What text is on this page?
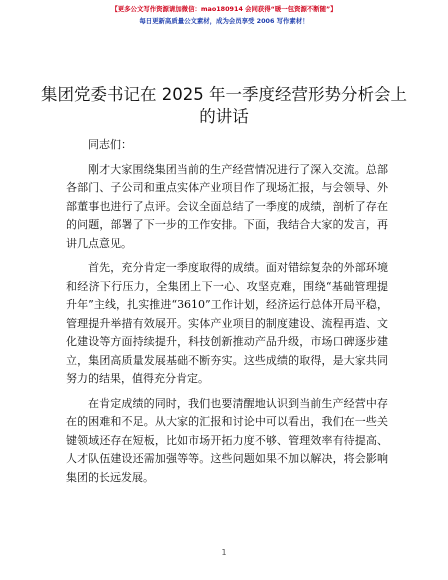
【更多公文写作资源请加微信：mao180914 会同获得“暖一包资源不断随”】
每日更新高质量公文素材，成为会员享受 2006 写作素材！
集团党委书记在 2025 年一季度经营形势分析会上的讲话

同志们：

刚才大家围绕集团当前的生产经营情况进行了深入交流。总部各部门、子公司和重点实体产业项目作了现场汇报，与会领导、外部董事也进行了点评。会议全面总结了一季度的成绩，剖析了存在的问题，部署了下一步的工作安排。下面，我结合大家的发言，再讲几点意见。

首先，充分肯定一季度取得的成绩。面对错综复杂的外部环境和经济下行压力，全集团上下一心、攻坚克难，围绕“基础管理提升年”主线，扎实推进“3610”工作计划，经济运行总体开局平稳，管理提升举措有效展开。实体产业项目的制度建设、流程再造、文化建设等方面持续提升，科技创新推动产品升级，市场口碑逐步建立，集团高质量发展基础不断夯实。这些成绩的取得，是大家共同努力的结果，值得充分肯定。

在肯定成绩的同时，我们也要清醒地认识到当前生产经营中存在的困难和不足。从大家的汇报和讨论中可以看出，我们在一些关键领域还存在短板，比如市场开拓力度不够、管理效率有待提高、人才队伍建设还需加强等等。这些问题如果不加以解决，将会影响集团的长远发展。

1
